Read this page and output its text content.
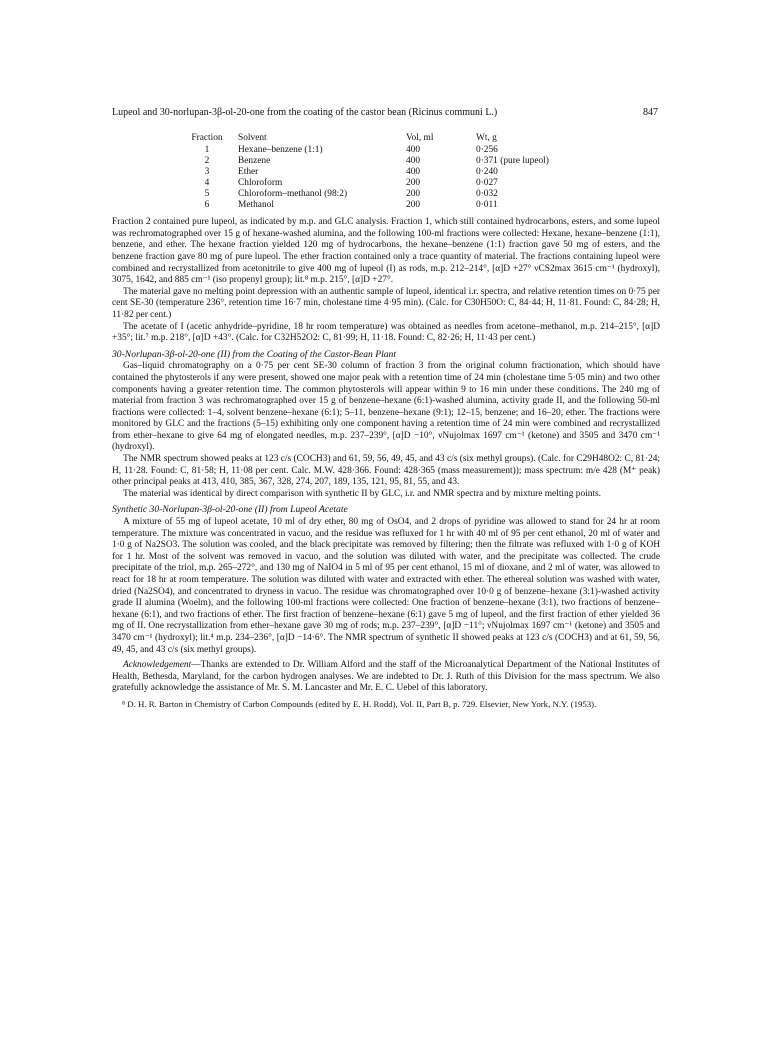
Lupeol and 30-norlupan-3β-ol-20-one from the coating of the castor bean (Ricinus communi L.)	847
Fraction	Solvent	Vol, ml	Wt, g
1	Hexane–benzene (1:1)	400	0·256
2	Benzene	400	0·371 (pure lupeol)
3	Ether	400	0·240
4	Chloroform	200	0·027
5	Chloroform–methanol (98:2)	200	0·032
6	Methanol	200	0·011

Fraction 2 contained pure lupeol, as indicated by m.p. and GLC analysis. Fraction 1, which still contained hydrocarbons, esters, and some lupeol was rechromatographed over 15 g of hexane-washed alumina, and the following 100-ml fractions were collected: Hexane, hexane–benzene (1:1), benzene, and ether. The hexane fraction yielded 120 mg of hydrocarbons, the hexane–benzene (1:1) fraction gave 50 mg of esters, and the benzene fraction gave 80 mg of pure lupeol. The ether fraction contained only a trace quantity of material. The fractions containing lupeol were combined and recrystallized from acetonitrile to give 400 mg of lupeol (I) as rods, m.p. 212–214°, [α]D +27° νCS2max 3615 cm⁻¹ (hydroxyl), 3075, 1642, and 885 cm⁻¹ (iso propenyl group); lit.⁸ m.p. 215°, [α]D +27°.

The material gave no melting point depression with an authentic sample of lupeol, identical i.r. spectra, and relative retention times on 0·75 per cent SE-30 (temperature 236°, retention time 16·7 min, cholestane time 4·95 min). (Calc. for C30H50O: C, 84·44; H, 11·81. Found: C, 84·28; H, 11·82 per cent.)

The acetate of I (acetic anhydride–pyridine, 18 hr room temperature) was obtained as needles from acetone–methanol, m.p. 214–215°, [α]D +35°; lit.⁷ m.p. 218°, [α]D +43°. (Calc. for C32H52O2: C, 81·99; H, 11·18. Found: C, 82·26; H, 11·43 per cent.)

30-Norlupan-3β-ol-20-one (II) from the Coating of the Castor-Bean Plant

Gas–liquid chromatography on a 0·75 per cent SE-30 column of fraction 3 from the original column fractionation, which should have contained the phytosterols if any were present, showed one major peak with a retention time of 24 min (cholestane time 5·05 min) and two other components having a greater retention time. The common phytosterols will appear within 9 to 16 min under these conditions. The 240 mg of material from fraction 3 was rechromatographed over 15 g of benzene–hexane (6:1)-washed alumina, activity grade II, and the following 50-ml fractions were collected: 1–4, solvent benzene–hexane (6:1); 5–11, benzene–hexane (9:1); 12–15, benzene; and 16–20, ether. The fractions were monitored by GLC and the fractions (5–15) exhibiting only one component having a retention time of 24 min were combined and recrystallized from ether–hexane to give 64 mg of elongated needles, m.p. 237–239°, [α]D −10°, νNujolmax 1697 cm⁻¹ (ketone) and 3505 and 3470 cm⁻¹ (hydroxyl).

The NMR spectrum showed peaks at 123 c/s (COCH3) and 61, 59, 56, 49, 45, and 43 c/s (six methyl groups). (Calc. for C29H48O2: C, 81·24; H, 11·28. Found: C, 81·58; H, 11·08 per cent. Calc. M.W. 428·366. Found: 428·365 (mass measurement)); mass spectrum: m/e 428 (M⁺ peak) other principal peaks at 413, 410, 385, 367, 328, 274, 207, 189, 135, 121, 95, 81, 55, and 43.

The material was identical by direct comparison with synthetic II by GLC, i.r. and NMR spectra and by mixture melting points.

Synthetic 30-Norlupan-3β-ol-20-one (II) from Lupeol Acetate

A mixture of 55 mg of lupeol acetate, 10 ml of dry ether, 80 mg of OsO4, and 2 drops of pyridine was allowed to stand for 24 hr at room temperature. The mixture was concentrated in vacuo, and the residue was refluxed for 1 hr with 40 ml of 95 per cent ethanol, 20 ml of water and 1·0 g of Na2SO3. The solution was cooled, and the black precipitate was removed by filtering; then the filtrate was refluxed with 1·0 g of KOH for 1 hr. Most of the solvent was removed in vacuo, and the solution was diluted with water, and the precipitate was collected. The crude precipitate of the triol, m.p. 265–272°, and 130 mg of NaIO4 in 5 ml of 95 per cent ethanol, 15 ml of dioxane, and 2 ml of water, was allowed to react for 18 hr at room temperature. The solution was diluted with water and extracted with ether. The ethereal solution was washed with water, dried (Na2SO4), and concentrated to dryness in vacuo. The residue was chromatographed over 10·0 g of benzene–hexane (3:1)-washed activity grade II alumina (Woelm), and the following 100-ml fractions were collected: One fraction of benzene–hexane (3:1), two fractions of benzene–hexane (6:1), and two fractions of ether. The first fraction of benzene–hexane (6:1) gave 5 mg of lupeol, and the first fraction of ether yielded 36 mg of II. One recrystallization from ether–hexane gave 30 mg of rods; m.p. 237–239°, [α]D −11°; νNujolmax 1697 cm⁻¹ (ketone) and 3505 and 3470 cm⁻¹ (hydroxyl); lit.⁴ m.p. 234–236°, [α]D −14·6°. The NMR spectrum of synthetic II showed peaks at 123 c/s (COCH3) and at 61, 59, 56, 49, 45, and 43 c/s (six methyl groups).

Acknowledgement—Thanks are extended to Dr. William Alford and the staff of the Microanalytical Department of the National Institutes of Health, Bethesda, Maryland, for the carbon hydrogen analyses. We are indebted to Dr. J. Ruth of this Division for the mass spectrum. We also gratefully acknowledge the assistance of Mr. S. M. Lancaster and Mr. E. C. Uebel of this laboratory.

⁸ D. H. R. Barton in Chemistry of Carbon Compounds (edited by E. H. Rodd), Vol. II, Part B, p. 729. Elsevier, New York, N.Y. (1953).
